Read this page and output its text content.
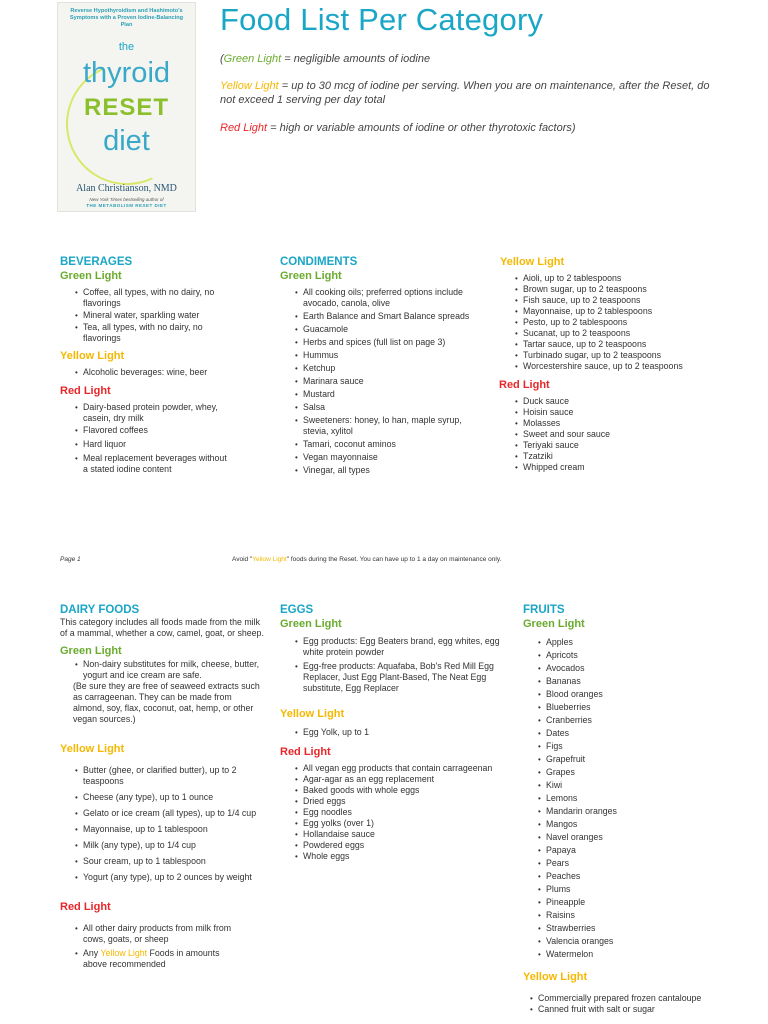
Reverse Hypothyroidism and Hashimoto's Symptoms with a Proven Iodine-Balancing Plan
the
thyroid
RESET
diet
Alan Christianson, NMD
New York Times bestselling author of
THE METABOLISM RESET DIET
Food List Per Category
(Green Light = negligible amounts of iodine
Yellow Light = up to 30 mcg of iodine per serving. When you are on maintenance, after the Reset, do not exceed 1 serving per day total
Red Light = high or variable amounts of iodine or other thyrotoxic factors)
BEVERAGES
Green Light
• Coffee, all types, with no dairy, no flavorings
• Mineral water, sparkling water
• Tea, all types, with no dairy, no flavorings
Yellow Light
• Alcoholic beverages: wine, beer
Red Light
• Dairy-based protein powder, whey, casein, dry milk
• Flavored coffees
• Hard liquor
• Meal replacement beverages without a stated iodine content
CONDIMENTS
Green Light
• All cooking oils; preferred options include avocado, canola, olive
• Earth Balance and Smart Balance spreads
• Guacamole
• Herbs and spices (full list on page 3)
• Hummus
• Ketchup
• Marinara sauce
• Mustard
• Salsa
• Sweeteners: honey, lo han, maple syrup, stevia, xylitol
• Tamari, coconut aminos
• Vegan mayonnaise
• Vinegar, all types
Yellow Light
• Aioli, up to 2 tablespoons
• Brown sugar, up to 2 teaspoons
• Fish sauce, up to 2 teaspoons
• Mayonnaise, up to 2 tablespoons
• Pesto, up to 2 tablespoons
• Sucanat, up to 2 teaspoons
• Tartar sauce, up to 2 teaspoons
• Turbinado sugar, up to 2 teaspoons
• Worcestershire sauce, up to 2 teaspoons
Red Light
• Duck sauce
• Hoisin sauce
• Molasses
• Sweet and sour sauce
• Teriyaki sauce
• Tzatziki
• Whipped cream
Page 1	Avoid "Yellow Light" foods during the Reset. You can have up to 1 a day on maintenance only.
DAIRY FOODS

This category includes all foods made from the milk of a mammal, whether a cow, camel, goat, or sheep.

Green Light
• Non-dairy substitutes for milk, cheese, butter, yogurt and ice cream are safe.

(Be sure they are free of seaweed extracts such as carrageenan. They can be made from almond, soy, flax, coconut, oat, hemp, or other vegan sources.)

Yellow Light
• Butter (ghee, or clarified butter), up to 2 teaspoons
• Cheese (any type), up to 1 ounce
• Gelato or ice cream (all types), up to 1/4 cup
• Mayonnaise, up to 1 tablespoon
• Milk (any type), up to 1/4 cup
• Sour cream, up to 1 tablespoon
• Yogurt (any type), up to 2 ounces by weight
Red Light
• All other dairy products from milk from cows, goats, or sheep
• Any Yellow Light Foods in amounts above recommended
EGGS
Green Light
• Egg products: Egg Beaters brand, egg whites, egg white protein powder
• Egg-free products: Aquafaba, Bob's Red Mill Egg Replacer, Just Egg Plant-Based, The Neat Egg substitute, Egg Replacer
Yellow Light
• Egg Yolk, up to 1
Red Light
• All vegan egg products that contain carrageenan
• Agar-agar as an egg replacement
• Baked goods with whole eggs
• Dried eggs
• Egg noodles
• Egg yolks (over 1)
• Hollandaise sauce
• Powdered eggs
• Whole eggs
FRUITS
Green Light
• Apples
• Apricots
• Avocados
• Bananas
• Blood oranges
• Blueberries
• Cranberries
• Dates
• Figs
• Grapefruit
• Grapes
• Kiwi
• Lemons
• Mandarin oranges
• Mangos
• Navel oranges
• Papaya
• Pears
• Peaches
• Plums
• Pineapple
• Raisins
• Strawberries
• Valencia oranges
• Watermelon
Yellow Light
• Commercially prepared frozen cantaloupe
• Canned fruit with salt or sugar
